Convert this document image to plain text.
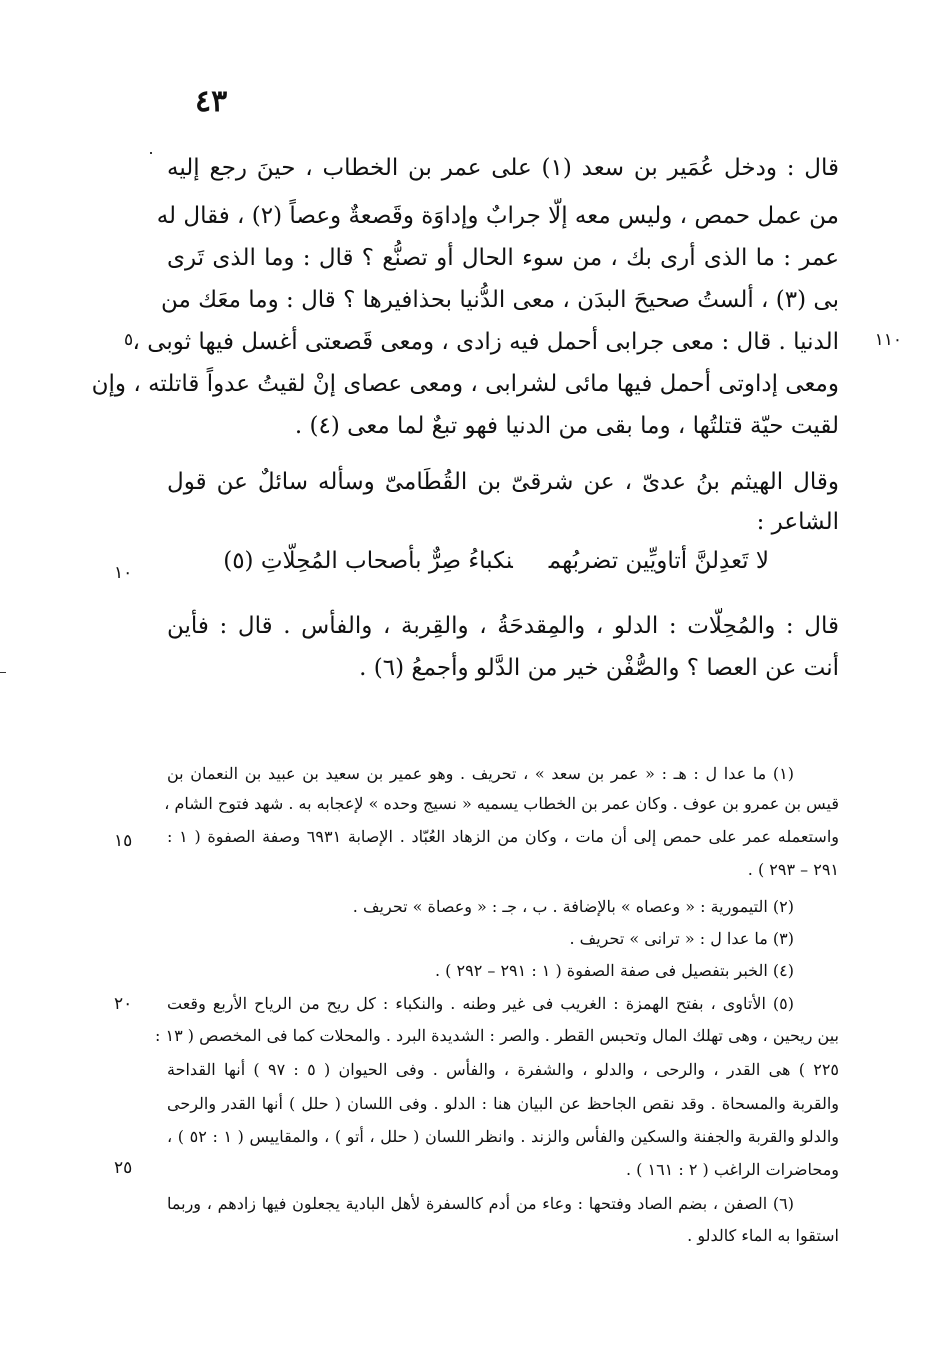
٤٣
قال : ودخل عُمَير بن سعد (١) على عمر بن الخطاب ، حينَ رجع إليه
من عمل حمص ، وليس معه إلّا جرابٌ وإداوَة وقَصعةٌ وعصاً (٢) ، فقال له
عمر : ما الذى أرى بك ، من سوء الحال أو تصنُّع ؟ قال : وما الذى تَرى
بى (٣) ، ألستُ صحيحَ البدَن ، معى الدُّنيا بحذافيرها ؟ قال : وما معَك من
الدنيا . قال : معى جرابى أحمل فيه زادى ، ومعى قَصعتى أغسل فيها ثوبى ،
ومعى إداوتى أحمل فيها مائى لشرابى ، ومعى عصاى إنْ لقيتُ عدواً قاتلته ، وإن
لقيت حيّة قتلتُها ، وما بقى من الدنيا فهو تبعٌ لما معى (٤) .
وقال الهيثم بنُ عدىّ ، عن شرقىّ بن القُطَامىّ وسأله سائلٌ عن قول
الشاعر :
لا تَعدِلنَّ أتاويِّين تضربُهمنكباءُ صِرٌّ بأصحاب المُحِلّاتِ (٥)
قال : والمُحِلّات : الدلو ، والمِقدحَةُ ، والقِربة ، والفأس . قال : فأين
أنت عن العصا ؟ والصُّفْن خير من الدَّلو وأجمعُ (٦) .
١١٠
٥
١٠
١٥
٢٠
٢٥
(١) ما عدا ل : هـ : « عمر بن سعد » ، تحريف . وهو عمير بن سعيد بن عبيد بن النعمان بن
قيس بن عمرو بن عوف . وكان عمر بن الخطاب يسميه « نسيج وحده » لإعجابه به . شهد فتوح الشام ،
واستعمله عمر على حمص إلى أن مات ، وكان من الزهاد العُبّاد . الإصابة ٦٩٣١ وصفة الصفوة ( ١ :
٢٩١ – ٢٩٣ ) .
(٢) التيمورية : « وعصاه » بالإضافة . ب ، جـ : « وعصاة » تحريف .
(٣) ما عدا ل : « ترانى » تحريف .
(٤) الخبر بتفصيل فى صفة الصفوة ( ١ : ٢٩١ – ٢٩٢ ) .
(٥) الأتاوى ، بفتح الهمزة : الغريب فى غير وطنه . والنكباء : كل ريح من الرياح الأربع وقعت
بين ريحين ، وهى تهلك المال وتحبس القطر . والصر : الشديدة البرد . والمحلات كما فى المخصص ( ١٣ :
٢٢٥ ) هى القدر ، والرحى ، والدلو ، والشفرة ، والفأس . وفى الحيوان ( ٥ : ٩٧ ) أنها القداحة
والقربة والمسحاة . وقد نقص الجاحظ عن البيان هنا : الدلو . وفى اللسان ( حلل ) أنها القدر والرحى
والدلو والقربة والجفنة والسكين والفأس والزند . وانظر اللسان ( حلل ، أتو ) ، والمقاييس ( ١ : ٥٢ ) ،
ومحاضرات الراغب ( ٢ : ١٦١ ) .
(٦) الصفن ، بضم الصاد وفتحها : وعاء من أدم كالسفرة لأهل البادية يجعلون فيها زادهم ، وربما
استقوا به الماء كالدلو .
